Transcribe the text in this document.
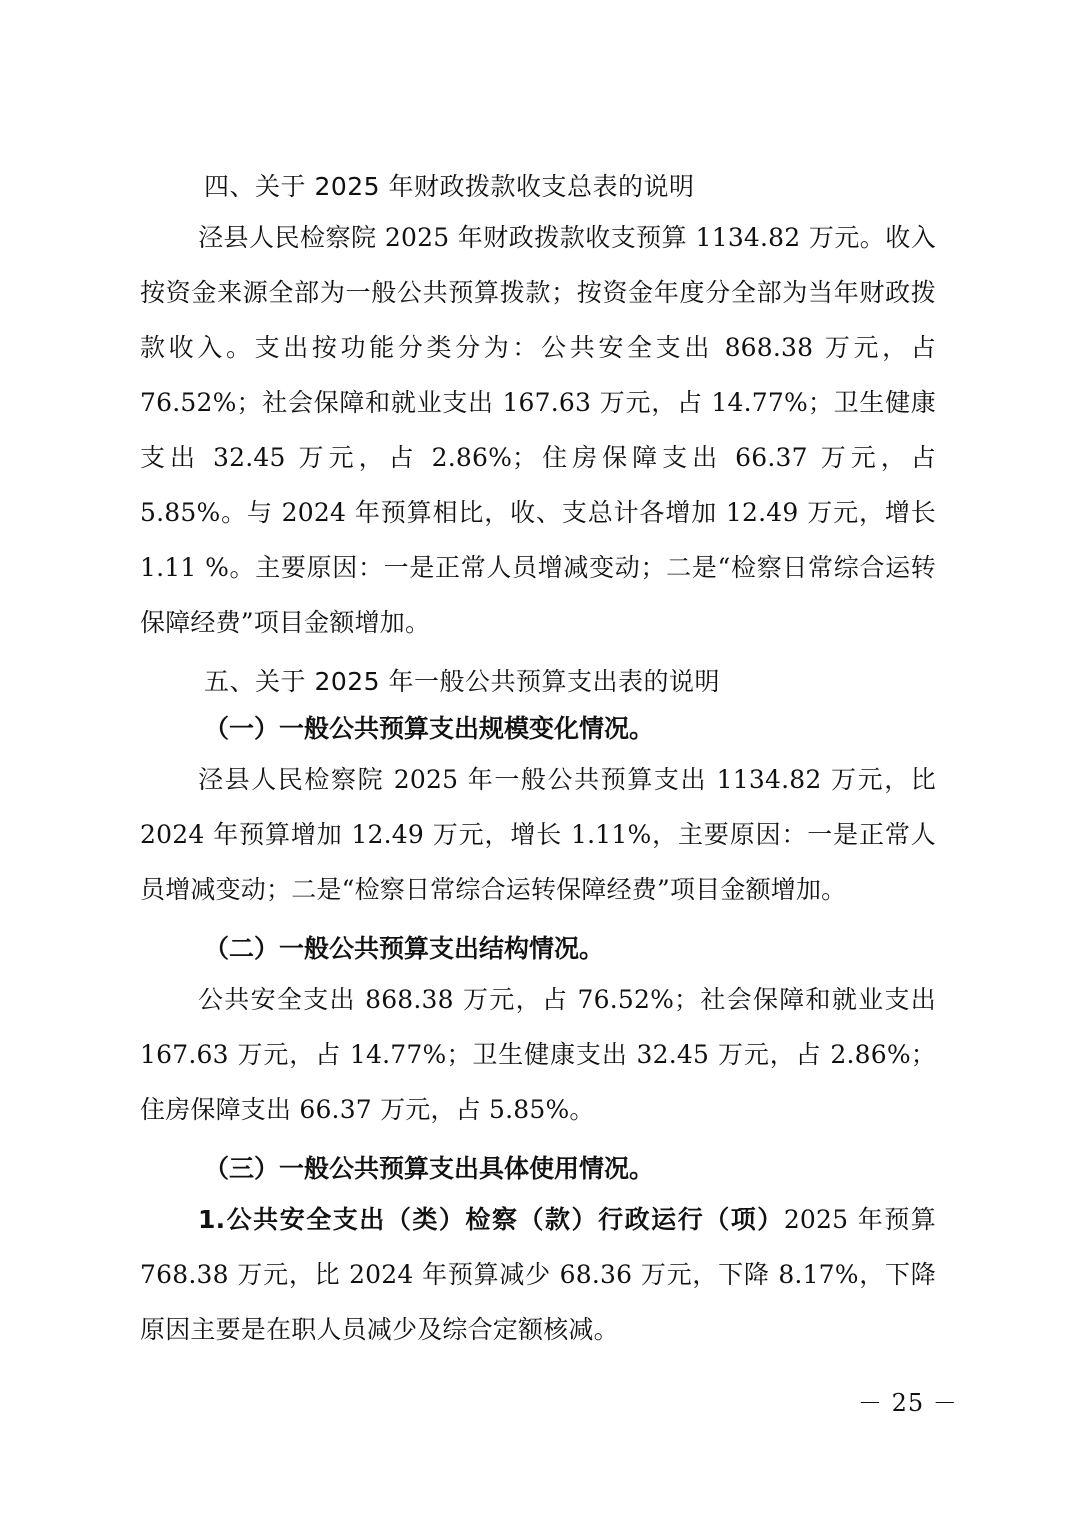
四、关于 2025 年财政拨款收支总表的说明

泾县人民检察院 2025 年财政拨款收支预算 1134.82 万元。收入按资金来源全部为一般公共预算拨款；按资金年度分全部为当年财政拨款收入。支出按功能分类分为：公共安全支出 868.38 万元，占 76.52%；社会保障和就业支出 167.63 万元，占 14.77%；卫生健康支出 32.45 万元，占 2.86%；住房保障支出 66.37 万元，占 5.85%。与 2024 年预算相比，收、支总计各增加 12.49 万元，增长 1.11 %。主要原因：一是正常人员增减变动；二是“检察日常综合运转保障经费”项目金额增加。

五、关于 2025 年一般公共预算支出表的说明

（一）一般公共预算支出规模变化情况。

泾县人民检察院 2025 年一般公共预算支出 1134.82 万元，比 2024 年预算增加 12.49 万元，增长 1.11%，主要原因：一是正常人员增减变动；二是“检察日常综合运转保障经费”项目金额增加。

（二）一般公共预算支出结构情况。

公共安全支出 868.38 万元，占 76.52%；社会保障和就业支出 167.63 万元，占 14.77%；卫生健康支出 32.45 万元，占 2.86%；住房保障支出 66.37 万元，占 5.85%。

（三）一般公共预算支出具体使用情况。

1.公共安全支出（类）检察（款）行政运行（项）2025 年预算 768.38 万元，比 2024 年预算减少 68.36 万元，下降 8.17%，下降原因主要是在职人员减少及综合定额核减。

－ 25 －
